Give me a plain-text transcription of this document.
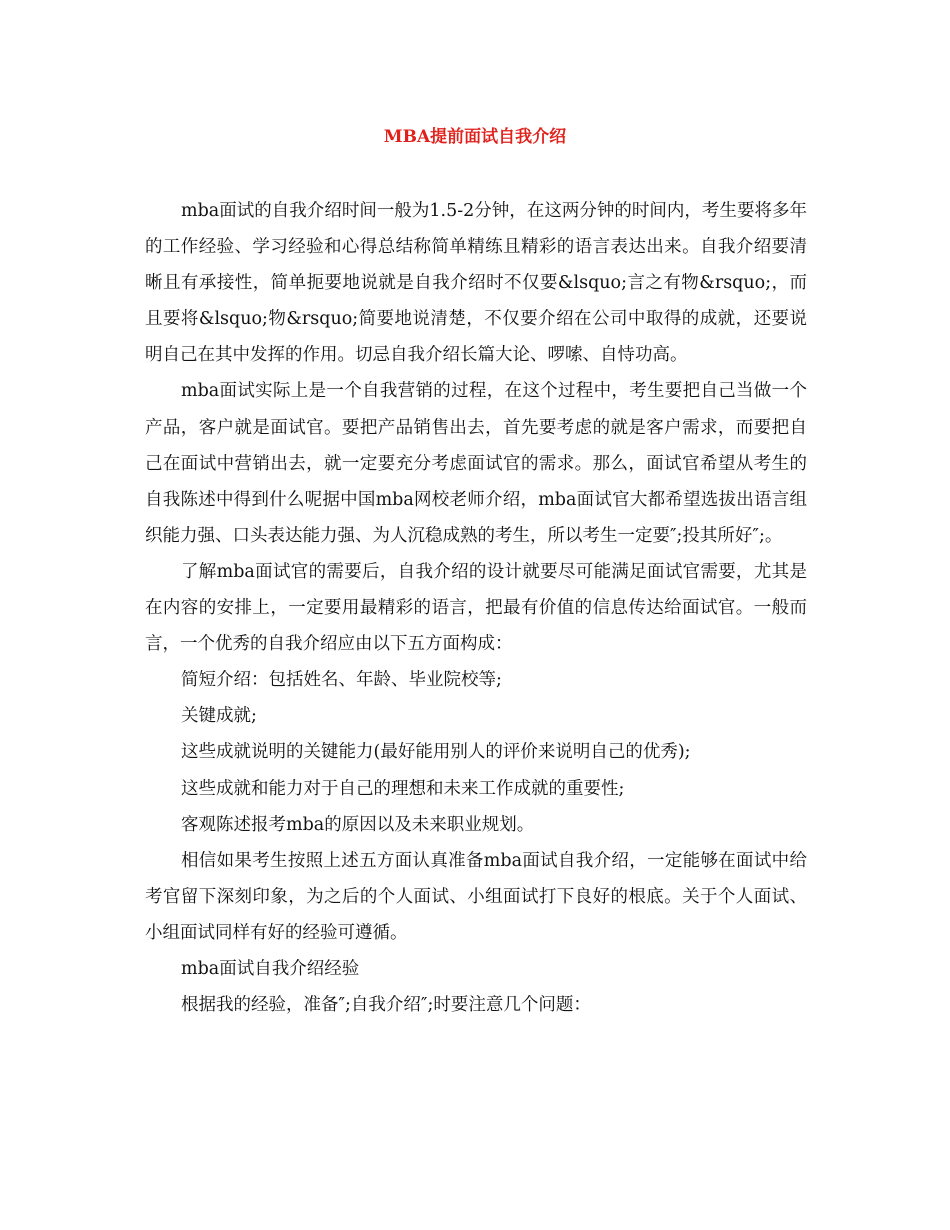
MBA提前面试自我介绍

mba面试的自我介绍时间一般为1.5-2分钟，在这两分钟的时间内，考生要将多年的工作经验、学习经验和心得总结称简单精练且精彩的语言表达出来。自我介绍要清晰且有承接性，简单扼要地说就是自我介绍时不仅要&lsquo;言之有物&rsquo;，而且要将&lsquo;物&rsquo;简要地说清楚，不仅要介绍在公司中取得的成就，还要说明自己在其中发挥的作用。切忌自我介绍长篇大论、啰嗦、自恃功高。

mba面试实际上是一个自我营销的过程，在这个过程中，考生要把自己当做一个产品，客户就是面试官。要把产品销售出去，首先要考虑的就是客户需求，而要把自己在面试中营销出去，就一定要充分考虑面试官的需求。那么，面试官希望从考生的自我陈述中得到什么呢据中国mba网校老师介绍，mba面试官大都希望选拔出语言组织能力强、口头表达能力强、为人沉稳成熟的考生，所以考生一定要″;投其所好″;。

了解mba面试官的需要后，自我介绍的设计就要尽可能满足面试官需要，尤其是在内容的安排上，一定要用最精彩的语言，把最有价值的信息传达给面试官。一般而言，一个优秀的自我介绍应由以下五方面构成：

简短介绍：包括姓名、年龄、毕业院校等;

关键成就;

这些成就说明的关键能力(最好能用别人的评价来说明自己的优秀);

这些成就和能力对于自己的理想和未来工作成就的重要性;

客观陈述报考mba的原因以及未来职业规划。

相信如果考生按照上述五方面认真准备mba面试自我介绍，一定能够在面试中给考官留下深刻印象，为之后的个人面试、小组面试打下良好的根底。关于个人面试、小组面试同样有好的经验可遵循。

mba面试自我介绍经验

根据我的经验，准备″;自我介绍″;时要注意几个问题：
